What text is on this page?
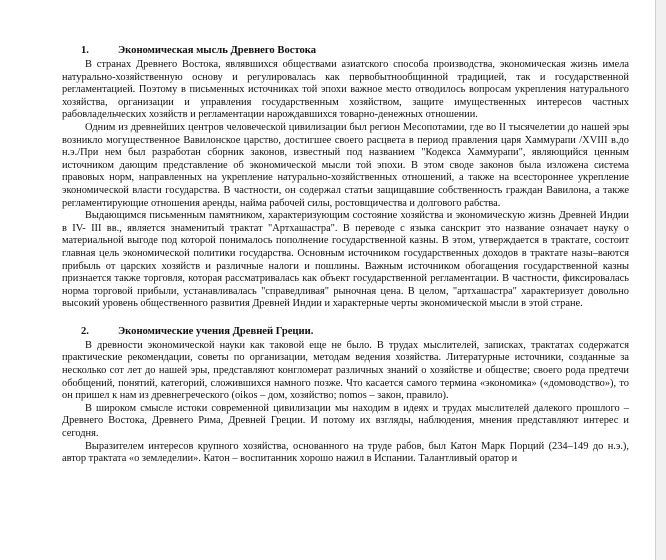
1.	Экономическая мысль Древнего Востока

В странах Древнего Востока, являвшихся обществами азиатского способа производства, экономическая жизнь имела натурально-хозяйственную основу и регулировалась как первобытнообщинной традицией, так и государственной регламентацией. Поэтому в письменных источниках той эпохи важное место отводилось вопросам укрепления натурального хозяйства, организации и управления государственным хозяйством, защите имущественных интересов частных рабовладельческих хозяйств и регламентации нарождавшихся товарно-денежных отношении.

Одним из древнейших центров человеческой цивилизации был регион Месопотамии, где во II тысячелетии до нашей эры возникло могущественное Вавилонское царство, достигшее своего расцвета в период правления царя Хаммурапи /XVIII в.до н.э./При нем был разработан сборник законов, известный под названием "Кодекса Хаммурапи", являющийся ценным источником дающим представление об экономической мысли той эпохи. В этом своде законов была изложена система правовых норм, направленных на укрепление натурально-хозяйственных отношений, а также на всестороннее укрепление экономической власти государства. В частности, он содержал статьи защищавшие собственность граждан Вавилона, а также регламентирующие отношения аренды, найма рабочей силы, ростовщичества и долгового рабства.

Выдающимся письменным памятником, характеризующим состояние хозяйства и экономическую жизнь Древней Индии в IV- III вв., является знаменитый трактат "Артхашастра". В переводе с языка санскрит это название означает науку о материальной выгоде под которой понималось пополнение государственной казны. В этом, утверждается в трактате, состоит главная цель экономической политики государства. Основным источником государственных доходов в трактате назы–ваются прибыль от царских хозяйств и различные налоги и пошлины. Важным источником обогащения государственной казны признается также торговля, которая рассматривалась как объект государственной регламентации. В частности, фиксировалась норма торговой прибыли, устанавливалась "справедливая" рыночная цена. В целом, "артхашастра" характеризует довольно высокий уровень общественного развития Древней Индии и характерные черты экономической мысли в этой стране.

2.	Экономические учения Древней Греции.

В древности экономической науки как таковой еще не было. В трудах мыслителей, записках, трактатах содержатся практические рекомендации, советы по организации, методам ведения хозяйства. Литературные источники, созданные за несколько сот лет до нашей эры, представляют конгломерат различных знаний о хозяйстве и обществе; своего рода предтечи обобщений, понятий, категорий, сложившихся намного позже. Что касается самого термина «экономика» («домоводство»), то он пришел к нам из древнегреческого (oikos – дом, хозяйство; nomos – закон, правило).

В широком смысле истоки современной цивилизации мы находим в идеях и трудах мыслителей далекого прошлого – Древнего Востока, Древнего Рима, Древней Греции. И потому их взгляды, наблюдения, мнения представляют интерес и сегодня.

Выразителем интересов крупного хозяйства, основанного на труде рабов, был Катон Марк Порций (234–149 до н.э.), автор трактата «о земледелии». Катон – воспитанник хорошо нажил в Испании. Талантливый оратор и
